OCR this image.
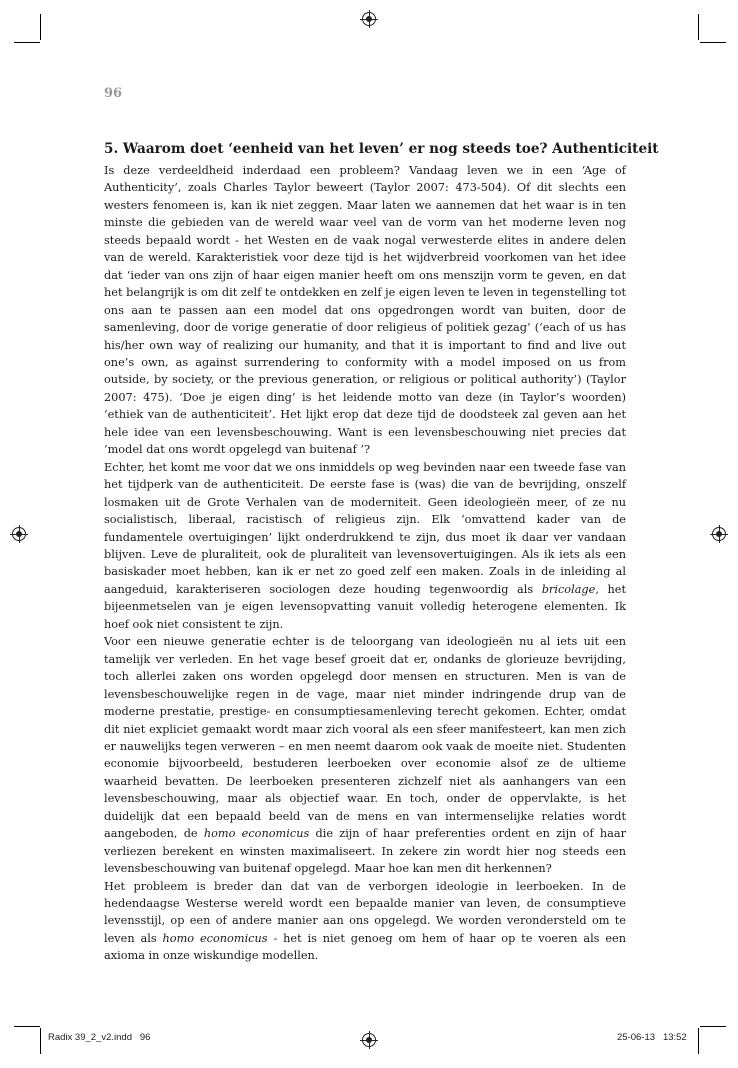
96
5. Waarom doet ‘eenheid van het leven’ er nog steeds toe? Authenticiteit

Is deze verdeeldheid inderdaad een probleem? Vandaag leven we in een ‘Age of Authenticity’, zoals Charles Taylor beweert (Taylor 2007: 473-504). Of dit slechts een westers fenomeen is, kan ik niet zeggen. Maar laten we aannemen dat het waar is in ten minste die gebieden van de wereld waar veel van de vorm van het moderne leven nog steeds bepaald wordt - het Westen en de vaak nogal verwesterde elites in andere delen van de wereld. Karakteristiek voor deze tijd is het wijdverbreid voorkomen van het idee dat ‘ieder van ons zijn of haar eigen manier heeft om ons menszijn vorm te geven, en dat het belangrijk is om dit zelf te ontdekken en zelf je eigen leven te leven in tegenstelling tot ons aan te passen aan een model dat ons opgedrongen wordt van buiten, door de samenleving, door de vorige generatie of door religieus of politiek gezag’ (‘each of us has his/her own way of realizing our humanity, and that it is important to find and live out one’s own, as against surrendering to conformity with a model imposed on us from outside, by society, or the previous generation, or religious or political authority’) (Taylor 2007: 475). ‘Doe je eigen ding’ is het leidende motto van deze (in Taylor’s woorden) ‘ethiek van de authenticiteit’. Het lijkt erop dat deze tijd de doodsteek zal geven aan het hele idee van een levensbeschouwing. Want is een levensbeschouwing niet precies dat ‘model dat ons wordt opgelegd van buitenaf ’?

Echter, het komt me voor dat we ons inmiddels op weg bevinden naar een tweede fase van het tijdperk van de authenticiteit. De eerste fase is (was) die van de bevrijding, onszelf losmaken uit de Grote Verhalen van de moderniteit. Geen ideologieën meer, of ze nu socialistisch, liberaal, racistisch of religieus zijn. Elk ‘omvattend kader van de fundamentele overtuigingen’ lijkt onderdrukkend te zijn, dus moet ik daar ver vandaan blijven. Leve de pluraliteit, ook de pluraliteit van levensovertuigingen. Als ik iets als een basiskader moet hebben, kan ik er net zo goed zelf een maken. Zoals in de inleiding al aangeduid, karakteriseren sociologen deze houding tegenwoordig als bricolage, het bijeenmetselen van je eigen levensopvatting vanuit volledig heterogene elementen. Ik hoef ook niet consistent te zijn.

Voor een nieuwe generatie echter is de teloorgang van ideologieën nu al iets uit een tamelijk ver verleden. En het vage besef groeit dat er, ondanks de glorieuze bevrijding, toch allerlei zaken ons worden opgelegd door mensen en structuren. Men is van de levensbeschouwelijke regen in de vage, maar niet minder indringende drup van de moderne prestatie, prestige- en consumptiesamenleving terecht gekomen. Echter, omdat dit niet expliciet gemaakt wordt maar zich vooral als een sfeer manifesteert, kan men zich er nauwelijks tegen verweren – en men neemt daarom ook vaak de moeite niet. Studenten economie bijvoorbeeld, bestuderen leerboeken over economie alsof ze de ultieme waarheid bevatten. De leerboeken presenteren zichzelf niet als aanhangers van een levensbeschouwing, maar als objectief waar. En toch, onder de oppervlakte, is het duidelijk dat een bepaald beeld van de mens en van intermenselijke relaties wordt aangeboden, de homo economicus die zijn of haar preferenties ordent en zijn of haar verliezen berekent en winsten maximaliseert. In zekere zin wordt hier nog steeds een levensbeschouwing van buitenaf opgelegd. Maar hoe kan men dit herkennen?

Het probleem is breder dan dat van de verborgen ideologie in leerboeken. In de hedendaagse Westerse wereld wordt een bepaalde manier van leven, de consumptieve levensstijl, op een of andere manier aan ons opgelegd. We worden verondersteld om te leven als homo economicus - het is niet genoeg om hem of haar op te voeren als een axioma in onze wiskundige modellen.

Radix 39_2_v2.indd   96	25-06-13   13:52
